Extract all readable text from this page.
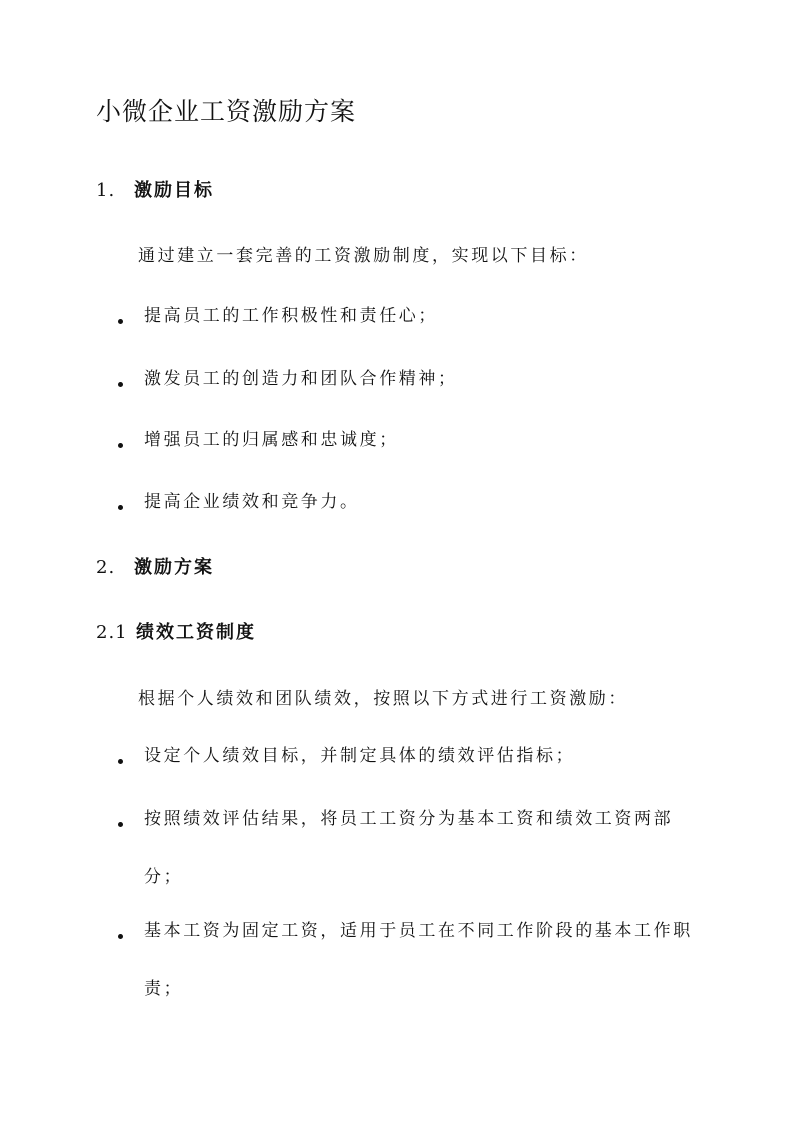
小微企业工资激励方案
1. 激励目标
通过建立一套完善的工资激励制度，实现以下目标：
提高员工的工作积极性和责任心；
激发员工的创造力和团队合作精神；
增强员工的归属感和忠诚度；
提高企业绩效和竞争力。
2. 激励方案
2.1 绩效工资制度
根据个人绩效和团队绩效，按照以下方式进行工资激励：
设定个人绩效目标，并制定具体的绩效评估指标；
按照绩效评估结果，将员工工资分为基本工资和绩效工资两部分；
基本工资为固定工资，适用于员工在不同工作阶段的基本工作职责；
